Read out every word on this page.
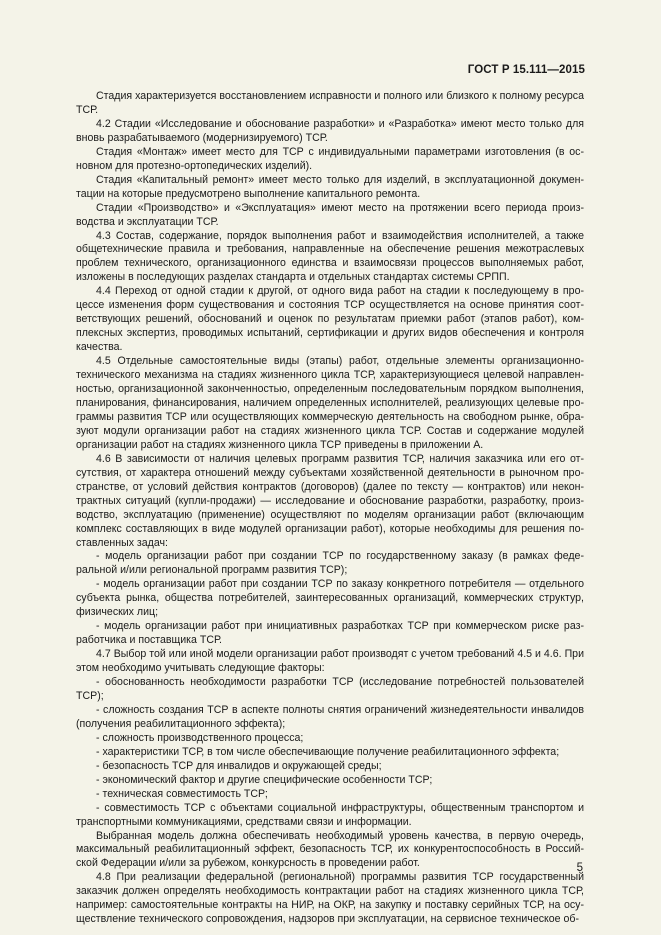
ГОСТ Р 15.111—2015

Стадия характеризуется восстановлением исправности и полного или близкого к полному ресурса ТСР.

4.2 Стадии «Исследование и обоснование разработки» и «Разработка» имеют место только для вновь разрабатываемого (модернизируемого) ТСР.

Стадия «Монтаж» имеет место для ТСР с индивидуальными параметрами изготовления (в основном для протезно-ортопедических изделий).

Стадия «Капитальный ремонт» имеет место только для изделий, в эксплуатационной документации на которые предусмотрено выполнение капитального ремонта.

Стадии «Производство» и «Эксплуатация» имеют место на протяжении всего периода производства и эксплуатации ТСР.

4.3 Состав, содержание, порядок выполнения работ и взаимодействия исполнителей, а также общетехнические правила и требования, направленные на обеспечение решения межотраслевых проблем технического, организационного единства и взаимосвязи процессов выполняемых работ, изложены в последующих разделах стандарта и отдельных стандартах системы СРПП.

4.4 Переход от одной стадии к другой, от одного вида работ на стадии к последующему в процессе изменения форм существования и состояния ТСР осуществляется на основе принятия соответствующих решений, обоснований и оценок по результатам приемки работ (этапов работ), комплексных экспертиз, проводимых испытаний, сертификации и других видов обеспечения и контроля качества.

4.5 Отдельные самостоятельные виды (этапы) работ, отдельные элементы организационно-технического механизма на стадиях жизненного цикла ТСР, характеризующиеся целевой направленностью, организационной законченностью, определенным последовательным порядком выполнения, планирования, финансирования, наличием определенных исполнителей, реализующих целевые программы развития ТСР или осуществляющих коммерческую деятельность на свободном рынке, образуют модули организации работ на стадиях жизненного цикла ТСР. Состав и содержание модулей организации работ на стадиях жизненного цикла ТСР приведены в приложении А.

4.6 В зависимости от наличия целевых программ развития ТСР, наличия заказчика или его отсутствия, от характера отношений между субъектами хозяйственной деятельности в рыночном пространстве, от условий действия контрактов (договоров) (далее по тексту — контрактов) или неконтрактных ситуаций (купли-продажи) — исследование и обоснование разработки, разработку, производство, эксплуатацию (применение) осуществляют по моделям организации работ (включающим комплекс составляющих в виде модулей организации работ), которые необходимы для решения поставленных задач:

- модель организации работ при создании ТСР по государственному заказу (в рамках федеральной и/или региональной программ развития ТСР);

- модель организации работ при создании ТСР по заказу конкретного потребителя — отдельного субъекта рынка, общества потребителей, заинтересованных организаций, коммерческих структур, физических лиц;

- модель организации работ при инициативных разработках ТСР при коммерческом риске разработчика и поставщика ТСР.

4.7 Выбор той или иной модели организации работ производят с учетом требований 4.5 и 4.6. При этом необходимо учитывать следующие факторы:

- обоснованность необходимости разработки ТСР (исследование потребностей пользователей ТСР);

- сложность создания ТСР в аспекте полноты снятия ограничений жизнедеятельности инвалидов (получения реабилитационного эффекта);

- сложность производственного процесса;

- характеристики ТСР, в том числе обеспечивающие получение реабилитационного эффекта;

- безопасность ТСР для инвалидов и окружающей среды;

- экономический фактор и другие специфические особенности ТСР;

- техническая совместимость ТСР;

- совместимость ТСР с объектами социальной инфраструктуры, общественным транспортом и транспортными коммуникациями, средствами связи и информации.

Выбранная модель должна обеспечивать необходимый уровень качества, в первую очередь, максимальный реабилитационный эффект, безопасность ТСР, их конкурентоспособность в Российской Федерации и/или за рубежом, конкурсность в проведении работ.

4.8 При реализации федеральной (региональной) программы развития ТСР государственный заказчик должен определять необходимость контрактации работ на стадиях жизненного цикла ТСР, например: самостоятельные контракты на НИР, на ОКР, на закупку и поставку серийных ТСР, на осуществление технического сопровождения, надзоров при эксплуатации, на сервисное техническое об-

5
